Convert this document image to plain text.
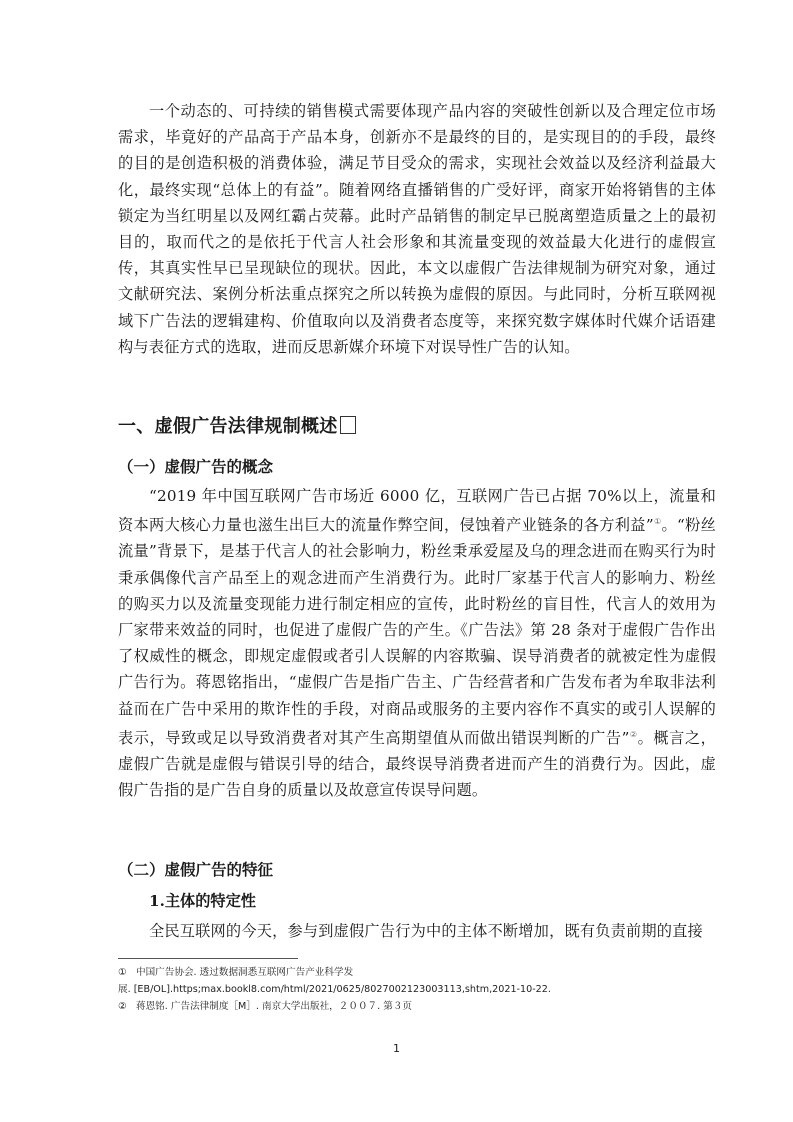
一个动态的、可持续的销售模式需要体现产品内容的突破性创新以及合理定位市场需求，毕竟好的产品高于产品本身，创新亦不是最终的目的，是实现目的的手段，最终的目的是创造积极的消费体验，满足节目受众的需求，实现社会效益以及经济利益最大化，最终实现“总体上的有益”。随着网络直播销售的广受好评，商家开始将销售的主体锁定为当红明星以及网红霸占荧幕。此时产品销售的制定早已脱离塑造质量之上的最初目的，取而代之的是依托于代言人社会形象和其流量变现的效益最大化进行的虚假宣传，其真实性早已呈现缺位的现状。因此，本文以虚假广告法律规制为研究对象，通过文献研究法、案例分析法重点探究之所以转换为虚假的原因。与此同时，分析互联网视域下广告法的逻辑建构、价值取向以及消费者态度等，来探究数字媒体时代媒介话语建构与表征方式的选取，进而反思新媒介环境下对误导性广告的认知。

一、虚假广告法律规制概述
（一）虚假广告的概念

“2019 年中国互联网广告市场近 6000 亿，互联网广告已占据 70%以上，流量和资本两大核心力量也滋生出巨大的流量作弊空间，侵蚀着产业链条的各方利益”①。“粉丝流量”背景下，是基于代言人的社会影响力，粉丝秉承爱屋及乌的理念进而在购买行为时秉承偶像代言产品至上的观念进而产生消费行为。此时厂家基于代言人的影响力、粉丝的购买力以及流量变现能力进行制定相应的宣传，此时粉丝的盲目性，代言人的效用为厂家带来效益的同时，也促进了虚假广告的产生。《广告法》第 28 条对于虚假广告作出了权威性的概念，即规定虚假或者引人误解的内容欺骗、误导消费者的就被定性为虚假广告行为。蒋恩铭指出，“虚假广告是指广告主、广告经营者和广告发布者为牟取非法利益而在广告中采用的欺诈性的手段，对商品或服务的主要内容作不真实的或引人误解的表示，导致或足以导致消费者对其产生高期望值从而做出错误判断的广告”②。概言之，虚假广告就是虚假与错误引导的结合，最终误导消费者进而产生的消费行为。因此，虚假广告指的是广告自身的质量以及故意宣传误导问题。

（二）虚假广告的特征
1.主体的特定性

全民互联网的今天，参与到虚假广告行为中的主体不断增加，既有负责前期的直接

① 中国广告协会. 透过数据洞悉互联网广告产业科学发
展. [EB/OL].https;max.bookl8.com/html/2021/0625/8027002123003113,shtm,2021-10-22.

② 蒋恩铭. 广告法律制度［M］. 南京大学出版社，２００７. 第３页

1
